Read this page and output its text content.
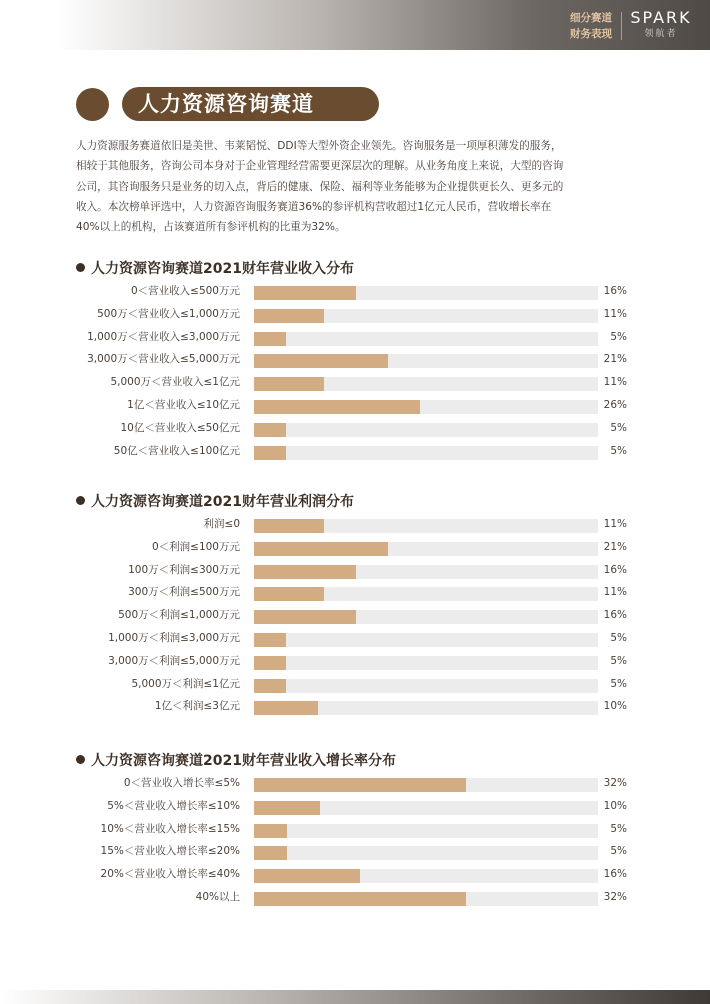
细分赛道
财务表现
SPARK
领航者
人力资源咨询赛道

人力资源服务赛道依旧是美世、韦莱韬悦、DDI等大型外资企业领先。咨询服务是一项厚积薄发的服务，

相较于其他服务，咨询公司本身对于企业管理经营需要更深层次的理解。从业务角度上来说，大型的咨询

公司，其咨询服务只是业务的切入点，背后的健康、保险、福利等业务能够为企业提供更长久、更多元的

收入。本次榜单评选中，人力资源咨询服务赛道36%的参评机构营收超过1亿元人民币，营收增长率在

40%以上的机构，占该赛道所有参评机构的比重为32%。

人力资源咨询赛道2021财年营业收入分布
0＜营业收入≤500万元	16%
500万＜营业收入≤1,000万元	11%
1,000万＜营业收入≤3,000万元	5%
3,000万＜营业收入≤5,000万元	21%
5,000万＜营业收入≤1亿元	11%
1亿＜营业收入≤10亿元	26%
10亿＜营业收入≤50亿元	5%
50亿＜营业收入≤100亿元	5%
人力资源咨询赛道2021财年营业利润分布
利润≤0	11%
0＜利润≤100万元	21%
100万＜利润≤300万元	16%
300万＜利润≤500万元	11%
500万＜利润≤1,000万元	16%
1,000万＜利润≤3,000万元	5%
3,000万＜利润≤5,000万元	5%
5,000万＜利润≤1亿元	5%
1亿＜利润≤3亿元	10%
人力资源咨询赛道2021财年营业收入增长率分布
0＜营业收入增长率≤5%	32%
5%＜营业收入增长率≤10%	10%
10%＜营业收入增长率≤15%	5%
15%＜营业收入增长率≤20%	5%
20%＜营业收入增长率≤40%	16%
40%以上	32%
